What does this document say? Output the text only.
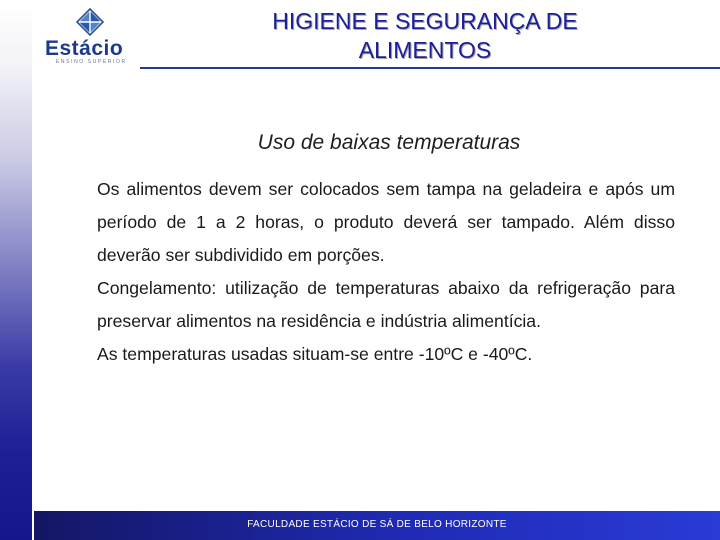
Estácio
ENSINO SUPERIOR
HIGIENE E SEGURANÇA DE
ALIMENTOS
Uso de baixas temperaturas

Os alimentos devem ser colocados sem tampa na geladeira e após um período de 1 a 2 horas, o produto deverá ser tampado. Além disso deverão ser subdividido em porções.

Congelamento: utilização de temperaturas abaixo da refrigeração para preservar alimentos na residência e indústria alimentícia.

As temperaturas usadas situam-se entre -10ºC e -40ºC.

FACULDADE ESTÁCIO DE SÁ DE BELO HORIZONTE
